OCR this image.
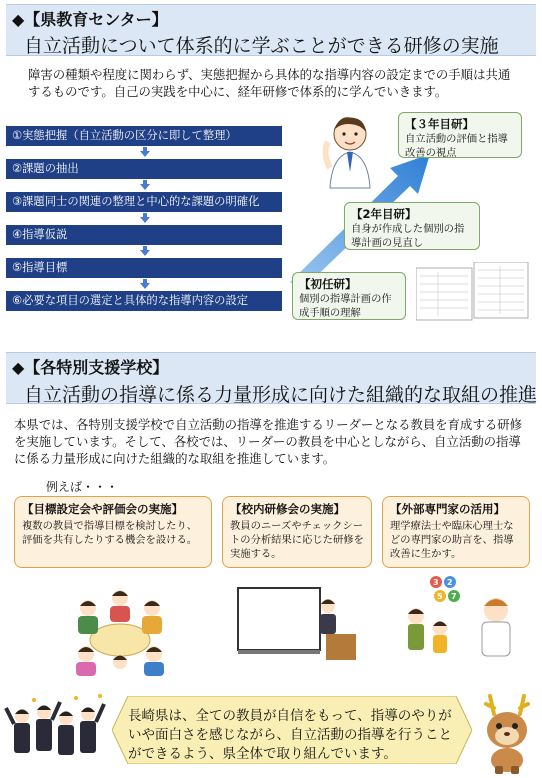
◆【県教育センター】
自立活動について体系的に学ぶことができる研修の実施
障害の種類や程度に関わらず、実態把握から具体的な指導内容の設定までの手順は共通するものです。自己の実践を中心に、経年研修で体系的に学んでいきます。
①実態把握（自立活動の区分に即して整理）
②課題の抽出
③課題同士の関連の整理と中心的な課題の明確化
④指導仮説
⑤指導目標
⑥必要な項目の選定と具体的な指導内容の設定
【３年目研】
自立活動の評価と指導改善の視点
【2年目研】
自身が作成した個別の指導計画の見直し
【初任研】
個別の指導計画の作成手順の理解
◆【各特別支援学校】
自立活動の指導に係る力量形成に向けた組織的な取組の推進
本県では、各特別支援学校で自立活動の指導を推進するリーダーとなる教員を育成する研修を実施しています。そして、各校では、リーダーの教員を中心としながら、自立活動の指導に係る力量形成に向けた組織的な取組を推進しています。
例えば・・・
【目標設定会や評価会の実施】
複数の教員で指導目標を検討したり、評価を共有したりする機会を設ける。
【校内研修会の実施】
教員のニーズやチェックシートの分析結果に応じた研修を実施する。
【外部専門家の活用】
理学療法士や臨床心理士などの専門家の助言を、指導改善に生かす。
3 2
5 7
長崎県は、全ての教員が自信をもって、指導のやりがいや面白さを感じながら、自立活動の指導を行うことができるよう、県全体で取り組んでいます。
